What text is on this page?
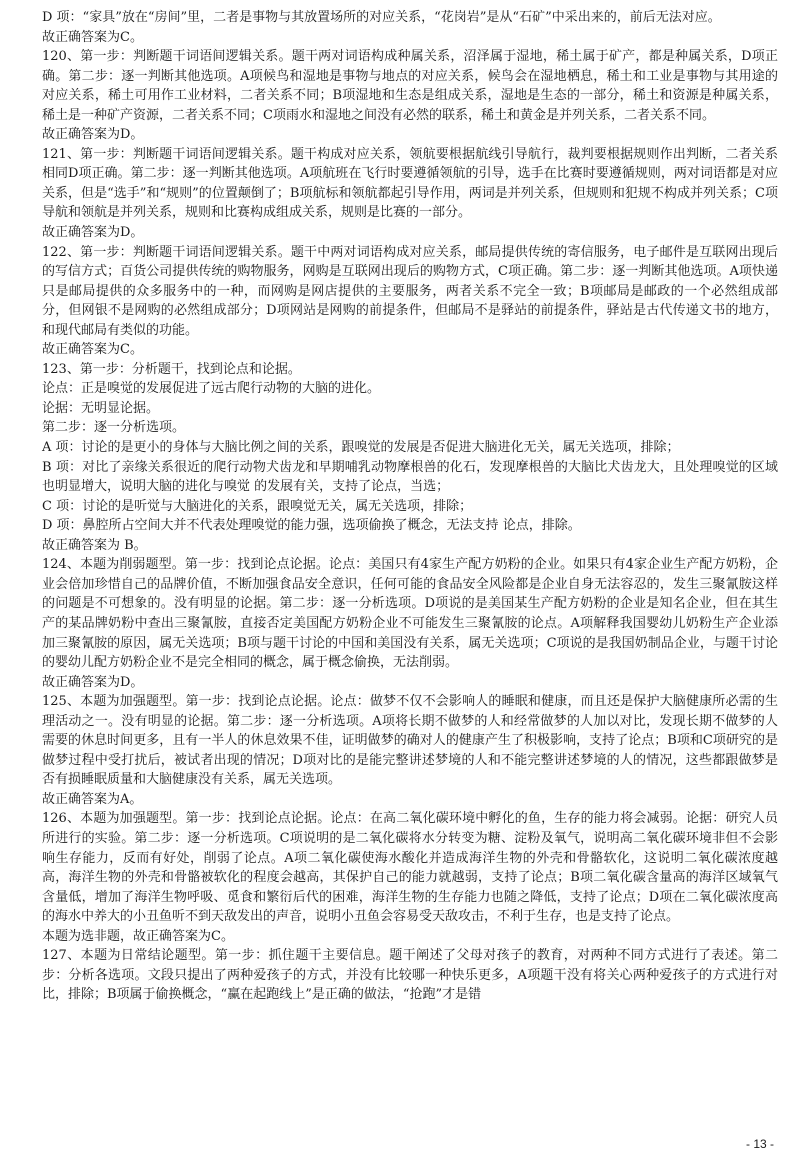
D 项：“家具”放在“房间”里，二者是事物与其放置场所的对应关系，“花岗岩”是从“石矿”中采出来的，前后无法对应。

故正确答案为C。

120、第一步：判断题干词语间逻辑关系。题干两对词语构成种属关系，沼泽属于湿地，稀土属于矿产，都是种属关系，D项正确。第二步：逐一判断其他选项。A项候鸟和湿地是事物与地点的对应关系，候鸟会在湿地栖息，稀土和工业是事物与其用途的对应关系，稀土可用作工业材料，二者关系不同；B项湿地和生态是组成关系，湿地是生态的一部分，稀土和资源是种属关系，稀土是一种矿产资源，二者关系不同；C项雨水和湿地之间没有必然的联系，稀土和黄金是并列关系，二者关系不同。

故正确答案为D。

121、第一步：判断题干词语间逻辑关系。题干构成对应关系，领航要根据航线引导航行，裁判要根据规则作出判断，二者关系相同D项正确。第二步：逐一判断其他选项。A项航班在飞行时要遵循领航的引导，选手在比赛时要遵循规则，两对词语都是对应关系，但是“选手”和“规则”的位置颠倒了；B项航标和领航都起引导作用，两词是并列关系，但规则和犯规不构成并列关系；C项导航和领航是并列关系，规则和比赛构成组成关系，规则是比赛的一部分。

故正确答案为D。

122、第一步：判断题干词语间逻辑关系。题干中两对词语构成对应关系，邮局提供传统的寄信服务，电子邮件是互联网出现后的写信方式；百货公司提供传统的购物服务，网购是互联网出现后的购物方式，C项正确。第二步：逐一判断其他选项。A项快递只是邮局提供的众多服务中的一种，而网购是网店提供的主要服务，两者关系不完全一致；B项邮局是邮政的一个必然组成部分，但网银不是网购的必然组成部分；D项网站是网购的前提条件，但邮局不是驿站的前提条件，驿站是古代传递文书的地方，和现代邮局有类似的功能。

故正确答案为C。

123、第一步：分析题干，找到论点和论据。

论点：正是嗅觉的发展促进了远古爬行动物的大脑的进化。

论据：无明显论据。

第二步：逐一分析选项。

A 项：讨论的是更小的身体与大脑比例之间的关系，跟嗅觉的发展是否促进大脑进化无关，属无关选项，排除；

B 项：对比了亲缘关系很近的爬行动物犬齿龙和早期哺乳动物摩根兽的化石，发现摩根兽的大脑比犬齿龙大，且处理嗅觉的区域也明显增大，说明大脑的进化与嗅觉 的发展有关，支持了论点，当选；

C 项：讨论的是听觉与大脑进化的关系，跟嗅觉无关，属无关选项，排除；

D 项：鼻腔所占空间大并不代表处理嗅觉的能力强，选项偷换了概念，无法支持 论点，排除。

故正确答案为 B。

124、本题为削弱题型。第一步：找到论点论据。论点：美国只有4家生产配方奶粉的企业。如果只有4家企业生产配方奶粉，企业会倍加珍惜自己的品牌价值，不断加强食品安全意识，任何可能的食品安全风险都是企业自身无法容忍的，发生三聚氰胺这样的问题是不可想象的。没有明显的论据。第二步：逐一分析选项。D项说的是美国某生产配方奶粉的企业是知名企业，但在其生产的某品牌奶粉中查出三聚氰胺，直接否定美国配方奶粉企业不可能发生三聚氰胺的论点。A项解释我国婴幼儿奶粉生产企业添加三聚氰胺的原因，属无关选项；B项与题干讨论的中国和美国没有关系，属无关选项；C项说的是我国奶制品企业，与题干讨论的婴幼儿配方奶粉企业不是完全相同的概念，属于概念偷换，无法削弱。

故正确答案为D。

125、本题为加强题型。第一步：找到论点论据。论点：做梦不仅不会影响人的睡眠和健康，而且还是保护大脑健康所必需的生理活动之一。没有明显的论据。第二步：逐一分析选项。A项将长期不做梦的人和经常做梦的人加以对比，发现长期不做梦的人需要的休息时间更多，且有一半人的休息效果不佳，证明做梦的确对人的健康产生了积极影响，支持了论点；B项和C项研究的是做梦过程中受打扰后，被试者出现的情况；D项对比的是能完整讲述梦境的人和不能完整讲述梦境的人的情况，这些都跟做梦是否有损睡眠质量和大脑健康没有关系，属无关选项。

故正确答案为A。

126、本题为加强题型。第一步：找到论点论据。论点：在高二氧化碳环境中孵化的鱼，生存的能力将会减弱。论据：研究人员所进行的实验。第二步：逐一分析选项。C项说明的是二氧化碳将水分转变为糖、淀粉及氧气，说明高二氧化碳环境非但不会影响生存能力，反而有好处，削弱了论点。A项二氧化碳使海水酸化并造成海洋生物的外壳和骨骼软化，这说明二氧化碳浓度越高，海洋生物的外壳和骨骼被软化的程度会越高，其保护自己的能力就越弱，支持了论点；B项二氧化碳含量高的海洋区域氧气含量低，增加了海洋生物呼吸、觅食和繁衍后代的困难，海洋生物的生存能力也随之降低，支持了论点；D项在二氧化碳浓度高的海水中养大的小丑鱼听不到天敌发出的声音，说明小丑鱼会容易受天敌攻击，不利于生存，也是支持了论点。

本题为选非题，故正确答案为C。

127、本题为日常结论题型。第一步：抓住题干主要信息。题干阐述了父母对孩子的教育，对两种不同方式进行了表述。第二步：分析各选项。文段只提出了两种爱孩子的方式，并没有比较哪一种快乐更多，A项题干没有将关心两种爱孩子的方式进行对比，排除；B项属于偷换概念，“赢在起跑线上”是正确的做法，“抢跑”才是错

- 13 -
